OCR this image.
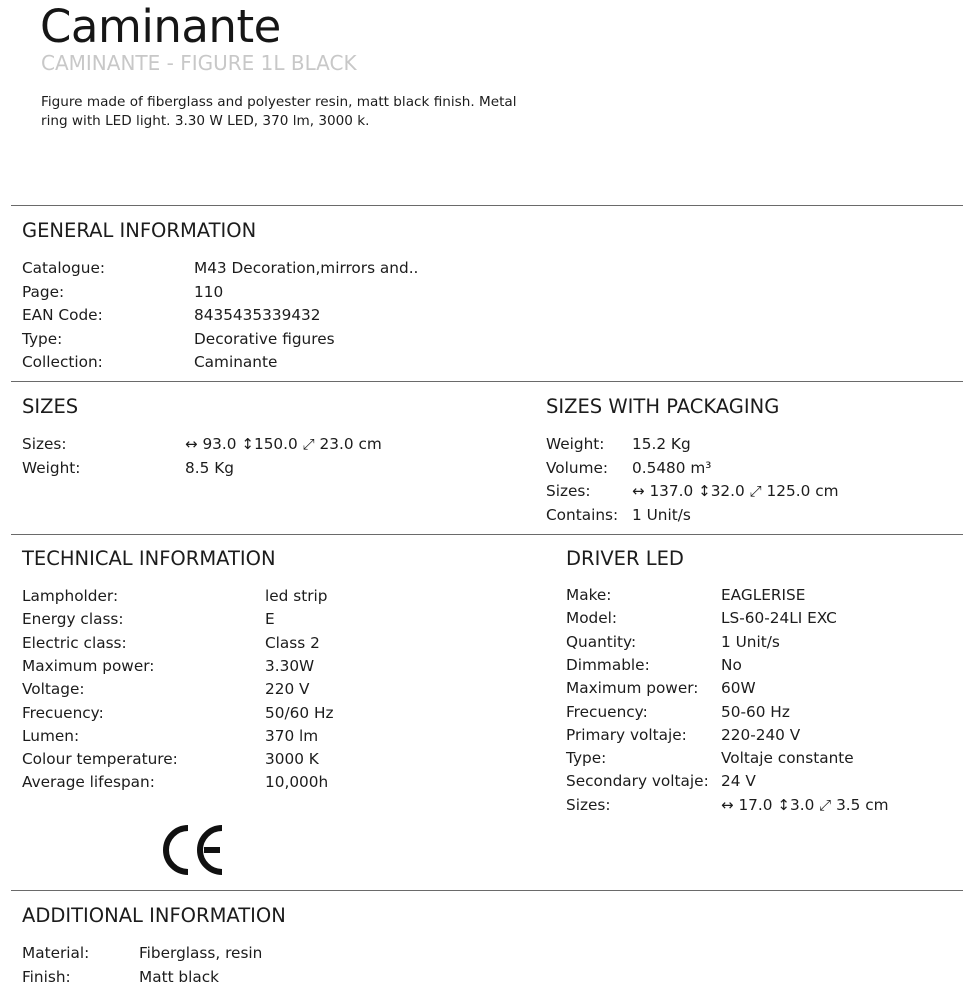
Caminante
CAMINANTE - FIGURE 1L BLACK
Figure made of fiberglass and polyester resin, matt black finish. Metal ring with LED light. 3.30 W LED, 370 lm, 3000 k.
GENERAL INFORMATION
Catalogue:	M43 Decoration,mirrors and..
Page:	110
EAN Code:	8435435339432
Type:	Decorative figures
Collection:	Caminante
SIZES
Sizes:	↔ 93.0 ↕150.0 ⤢ 23.0 cm
Weight:	8.5 Kg
SIZES WITH PACKAGING
Weight:	15.2 Kg
Volume:	0.5480 m³
Sizes:	↔ 137.0 ↕32.0 ⤢ 125.0 cm
Contains: 1 Unit/s
TECHNICAL INFORMATION
Lampholder:	led strip
Energy class:	E
Electric class:	Class 2
Maximum power:	3.30W
Voltage:	220 V
Frecuency:	50/60 Hz
Lumen:	370 lm
Colour temperature:	3000 K
Average lifespan:	10,000h
DRIVER LED
Make:	EAGLERISE
Model:	LS-60-24LI EXC
Quantity:	1 Unit/s
Dimmable:	No
Maximum power:	60W
Frecuency:	50-60 Hz
Primary voltaje:	220-240 V
Type:	Voltaje constante
Secondary voltaje: 24 V
Sizes:	↔ 17.0 ↕3.0 ⤢ 3.5 cm
ADDITIONAL INFORMATION
Material:	Fiberglass, resin
Finish:	Matt black
